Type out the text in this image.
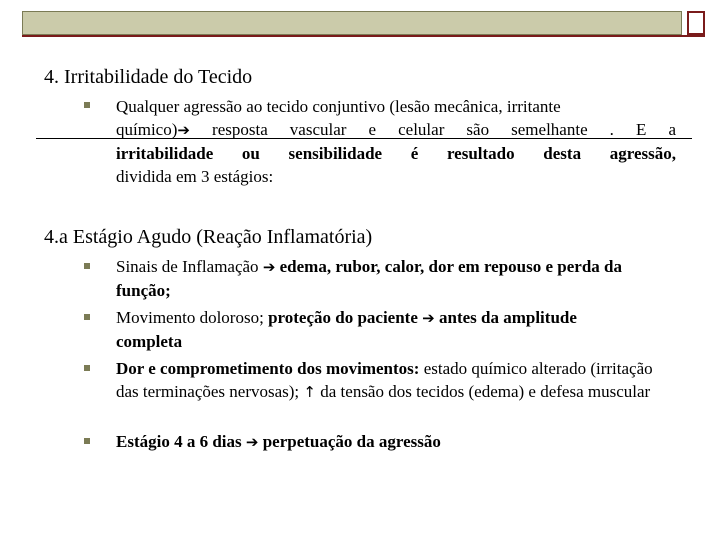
4. Irritabilidade do Tecido
Qualquer agressão ao tecido conjuntivo (lesão mecânica, irritante
químico)➔ resposta vascular e celular são semelhante . E a
irritabilidade ou sensibilidade é resultado desta agressão,
dividida em 3 estágios:
4.a Estágio Agudo (Reação Inflamatória)
Sinais de Inflamação ➔ edema, rubor, calor, dor em repouso e perda da função;
Movimento doloroso; proteção do paciente ➔ antes da amplitude completa
Dor e comprometimento dos movimentos: estado químico alterado (irritação das terminações nervosas); ↑ da tensão dos tecidos (edema) e defesa muscular
Estágio 4 a 6 dias ➔ perpetuação da agressão
